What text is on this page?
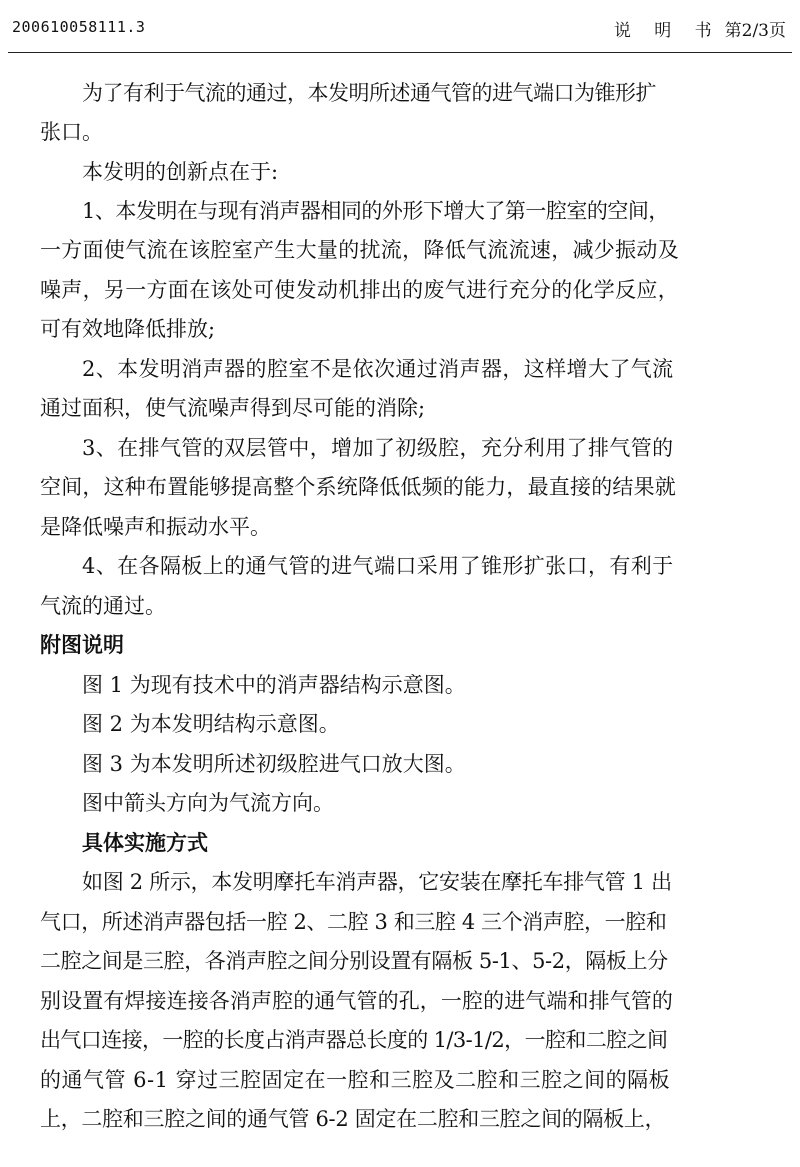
200610058111.3	说 明 书 第2/3页
为了有利于气流的通过，本发明所述通气管的进气端口为锥形扩
张口。
本发明的创新点在于:
1、本发明在与现有消声器相同的外形下增大了第一腔室的空间，
一方面使气流在该腔室产生大量的扰流，降低气流流速，减少振动及
噪声，另一方面在该处可使发动机排出的废气进行充分的化学反应，
可有效地降低排放;
2、本发明消声器的腔室不是依次通过消声器，这样增大了气流
通过面积，使气流噪声得到尽可能的消除;
3、在排气管的双层管中，增加了初级腔，充分利用了排气管的
空间，这种布置能够提高整个系统降低低频的能力，最直接的结果就
是降低噪声和振动水平。
4、在各隔板上的通气管的进气端口采用了锥形扩张口，有利于
气流的通过。
附图说明
图 1 为现有技术中的消声器结构示意图。
图 2 为本发明结构示意图。
图 3 为本发明所述初级腔进气口放大图。
图中箭头方向为气流方向。
具体实施方式
如图 2 所示，本发明摩托车消声器，它安装在摩托车排气管 1 出
气口，所述消声器包括一腔 2、二腔 3 和三腔 4 三个消声腔，一腔和
二腔之间是三腔，各消声腔之间分别设置有隔板 5-1、5-2，隔板上分
别设置有焊接连接各消声腔的通气管的孔，一腔的进气端和排气管的
出气口连接，一腔的长度占消声器总长度的 1/3-1/2，一腔和二腔之间
的通气管 6-1 穿过三腔固定在一腔和三腔及二腔和三腔之间的隔板
上，二腔和三腔之间的通气管 6-2 固定在二腔和三腔之间的隔板上，
